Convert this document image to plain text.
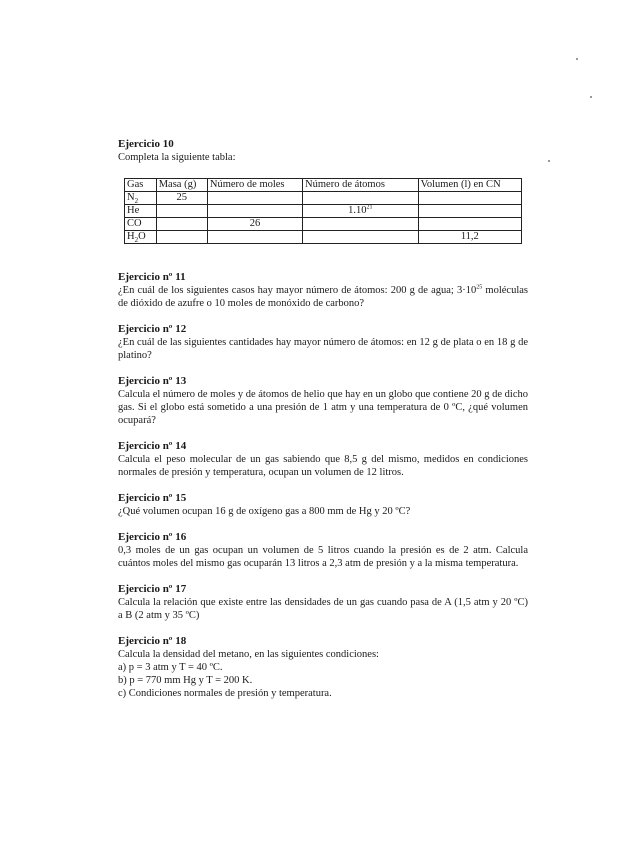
Ejercicio 10
Completa la siguiente tabla:
Gas	Masa (g)	Número de moles	Número de átomos	Volumen (l) en CN
$N_2$	25			
He			1.10$^{21}$	
CO		26		
$H_2O$				11,2
Ejercicio nº 11
¿En cuál de los siguientes casos hay mayor número de átomos: 200 g de agua; $3\cdot 10^{25}$ moléculas de dióxido de azufre o 10 moles de monóxido de carbono?
Ejercicio nº 12
¿En cuál de las siguientes cantidades hay mayor número de átomos: en 12 g de plata o en 18 g de platino?
Ejercicio nº 13
Calcula el número de moles y de átomos de helio que hay en un globo que contiene 20 g de dicho gas. Si el globo está sometido a una presión de 1 atm y una temperatura de 0 ºC, ¿qué volumen ocupará?
Ejercicio nº 14
Calcula el peso molecular de un gas sabiendo que 8,5 g del mismo, medidos en condiciones normales de presión y temperatura, ocupan un volumen de 12 litros.
Ejercicio nº 15
¿Qué volumen ocupan 16 g de oxígeno gas a 800 mm de Hg y 20 ºC?
Ejercicio nº 16
0,3 moles de un gas ocupan un volumen de 5 litros cuando la presión es de 2 atm. Calcula cuántos moles del mismo gas ocuparán 13 litros a 2,3 atm de presión y a la misma temperatura.
Ejercicio nº 17
Calcula la relación que existe entre las densidades de un gas cuando pasa de A (1,5 atm y 20 ºC) a B (2 atm y 35 ºC)
Ejercicio nº 18
Calcula la densidad del metano, en las siguientes condiciones:
a) p = 3 atm y T = 40 ºC.
b) p = 770 mm Hg y T = 200 K.
c) Condiciones normales de presión y temperatura.
